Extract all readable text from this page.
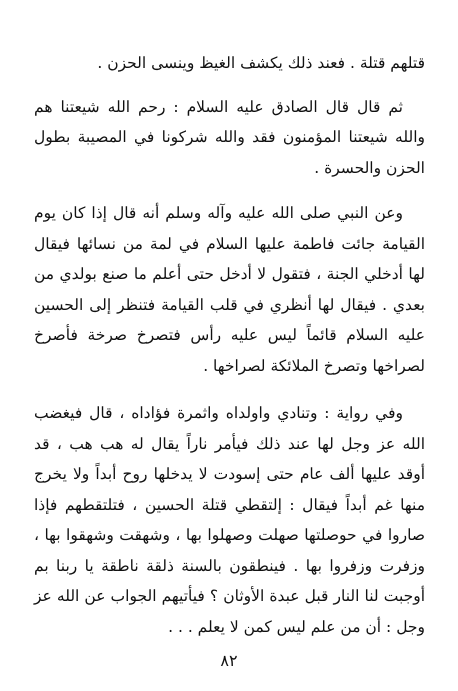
قتلهم قتلة . فعند ذلك يكشف الغيظ وينسى الحزن .

ثم قال قال الصادق عليه السلام : رحم الله شيعتنا هم والله شيعتنا المؤمنون فقد والله شركونا في المصيبة بطول الحزن والحسرة .

وعن النبي صلى الله عليه وآله وسلم أنه قال إذا كان يوم القيامة جائت فاطمة عليها السلام في لمة من نسائها فيقال لها أدخلي الجنة ، فتقول لا أدخل حتى أعلم ما صنع بولدي من بعدي . فيقال لها أنظري في قلب القيامة فتنظر إلى الحسين عليه السلام قائماً ليس عليه رأس فتصرخ صرخة فأصرخ لصراخها وتصرخ الملائكة لصراخها .

وفي رواية : وتنادي واولداه واثمرة فؤاداه ، قال فيغضب الله عز وجل لها عند ذلك فيأمر ناراً يقال له هب هب ، قد أوقد عليها ألف عام حتى إسودت لا يدخلها روح أبداً ولا يخرج منها غم أبداً فيقال : إلتقطي قتلة الحسين ، فتلتقطهم فإذا صاروا في حوصلتها صهلت وصهلوا بها ، وشهقت وشهقوا بها ، وزفرت وزفروا بها . فينطقون بالسنة ذلقة ناطقة يا ربنا بم أوجبت لنا النار قبل عبدة الأوثان ؟ فيأتيهم الجواب عن الله عز وجل : أن من علم ليس كمن لا يعلم . . .

٨٢
